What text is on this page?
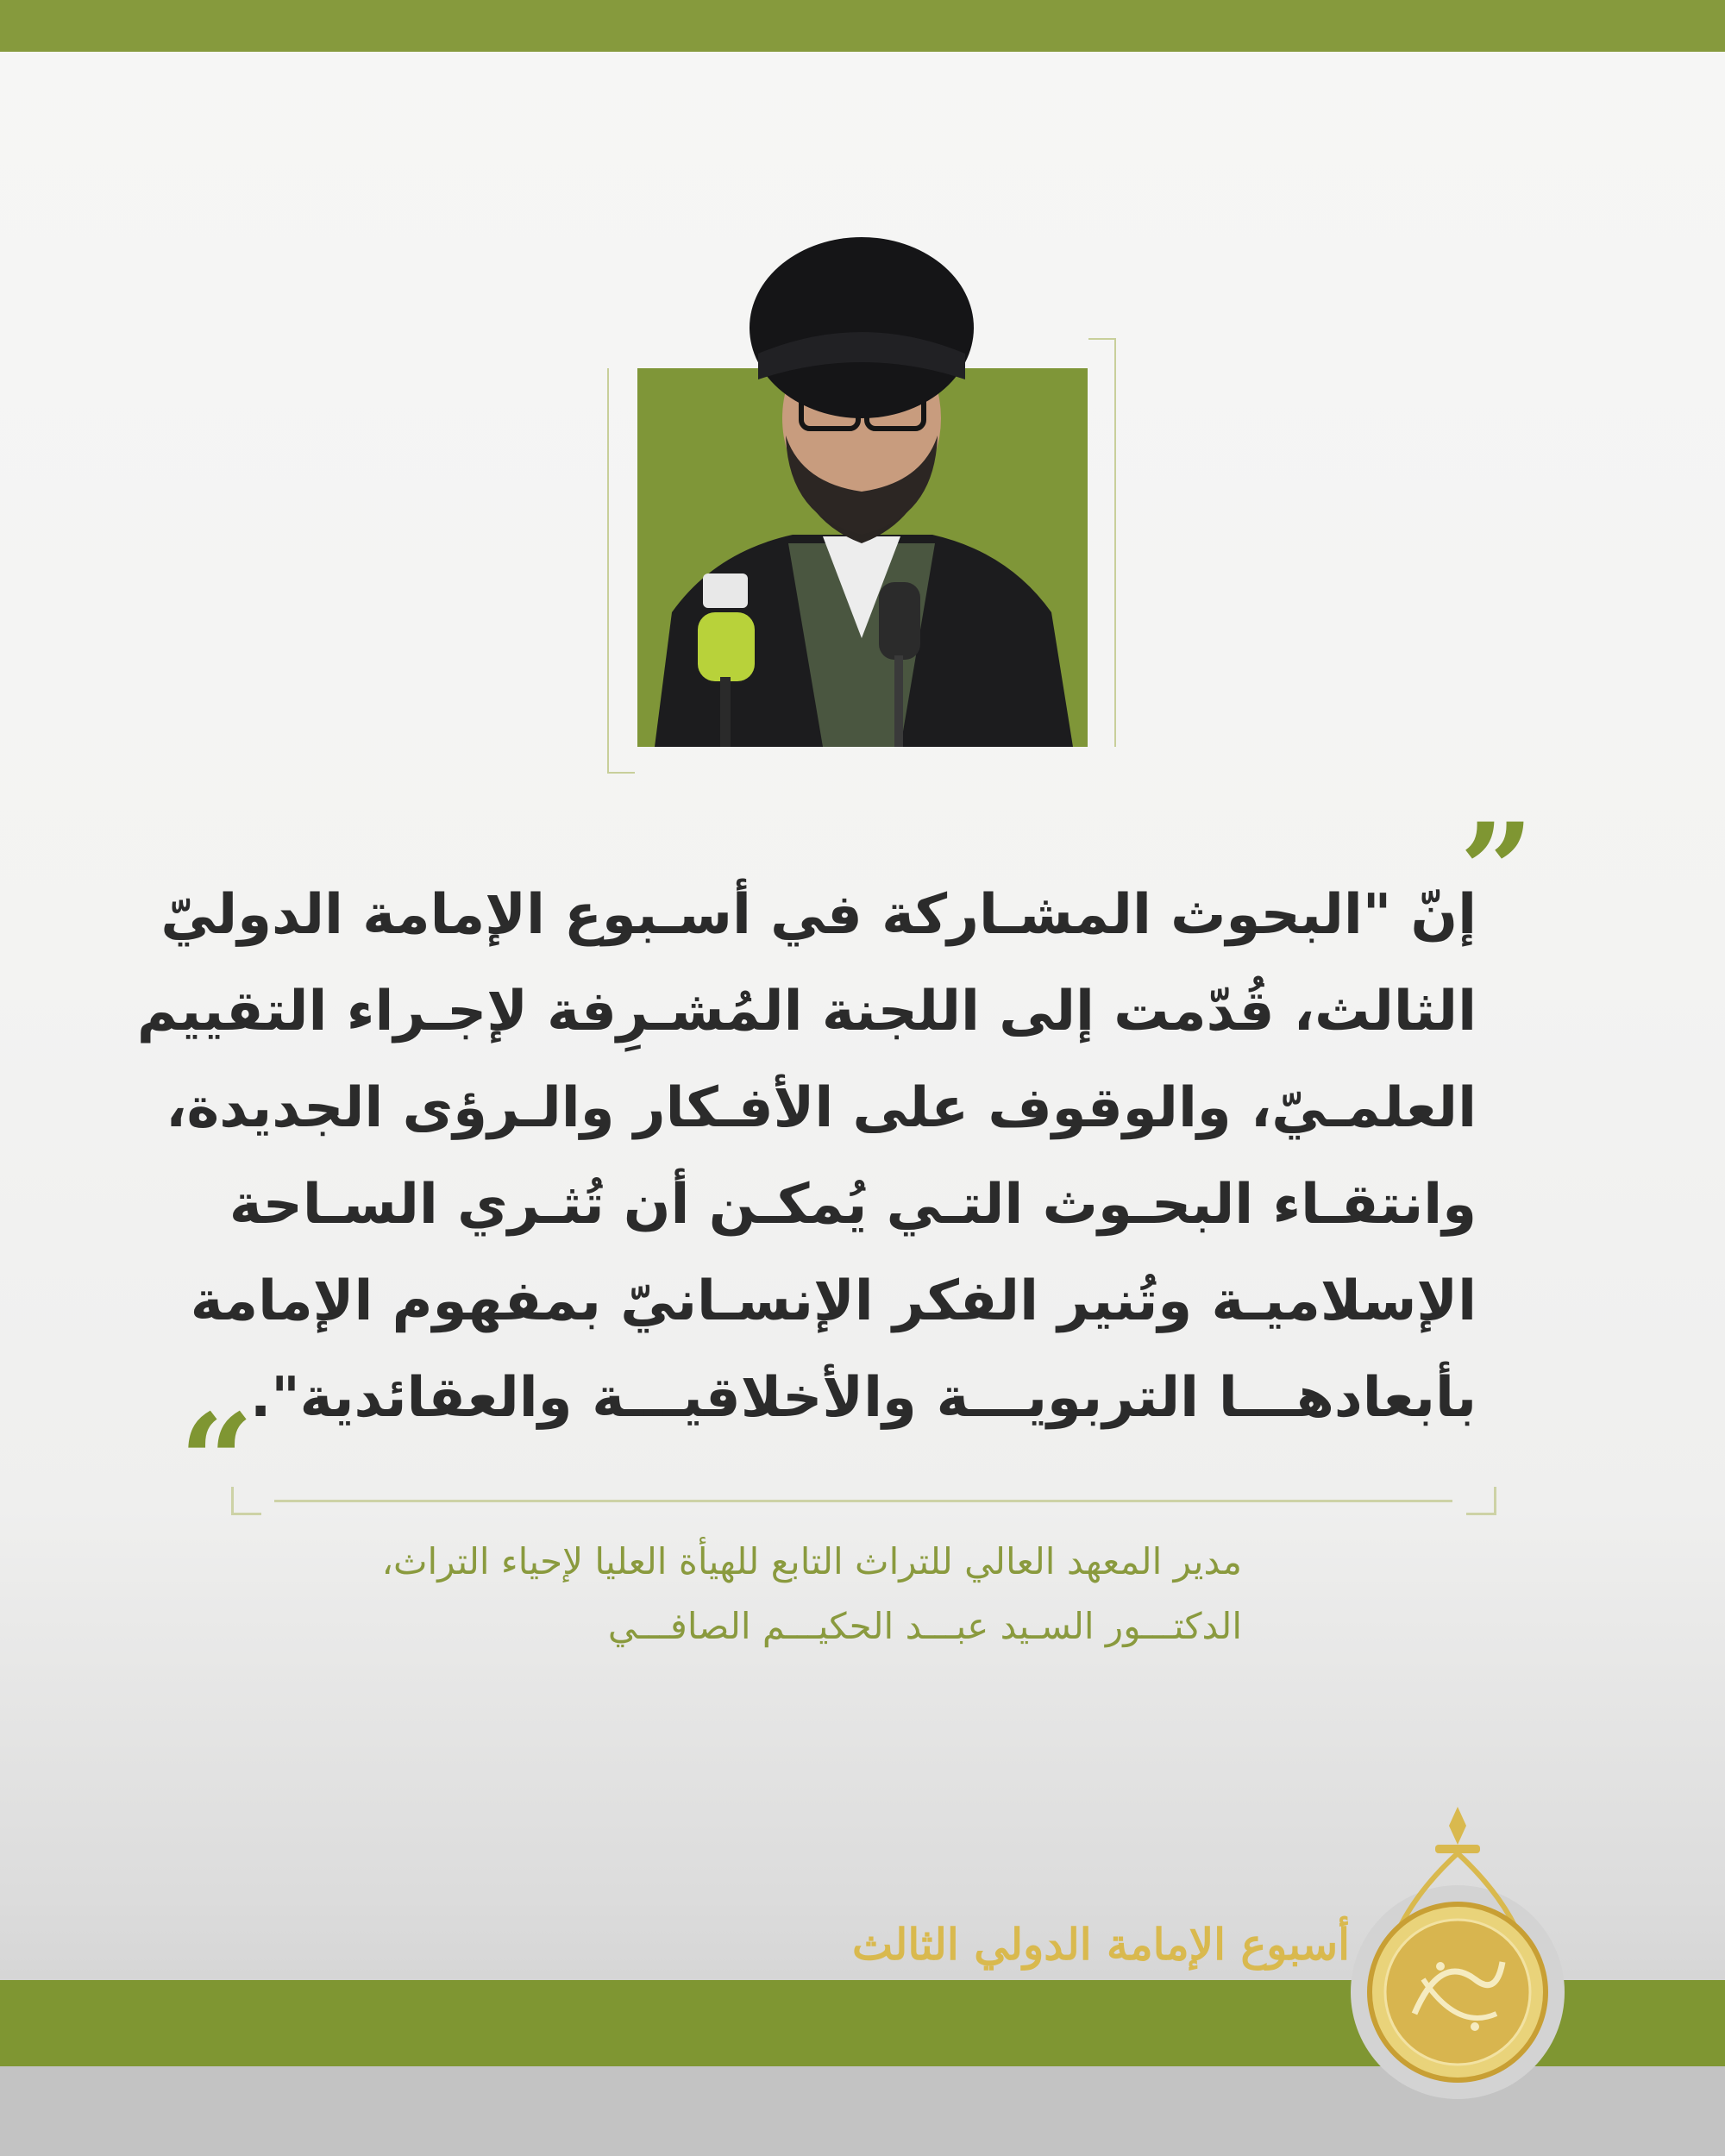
”
“
إنّ "البحوث المشـاركة في أسـبوع الإمامة الدوليّ
الثالث، قُدّمت إلى اللجنة المُشـرِفة لإجـراء التقييم
العلمـيّ، والوقوف على الأفـكار والـرؤى الجديدة،
وانتقـاء البحـوث التـي يُمكـن أن تُثـري السـاحة
الإسلاميـة وتُنير الفكر الإنسـانيّ بمفهوم الإمامة
بأبعادهـــا التربويـــة والأخلاقيـــة والعقائدية".
مدير المعهد العالي للتراث التابع للهيأة العليا لإحياء التراث،
الدكتـــور السـيد عبـــد الحكيـــم الصافـــي
أسبوع الإمامة الدولي الثالث
